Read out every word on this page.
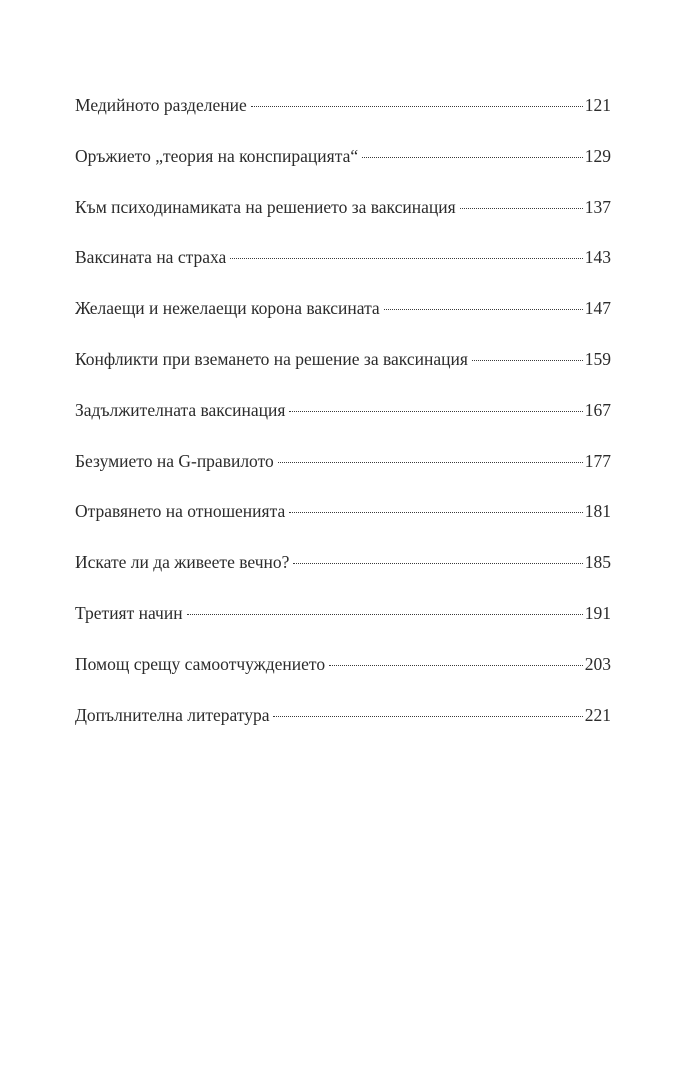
Медийното разделение	121
Оръжието „теория на конспирацията“	129
Към психодинамиката на решението за ваксинация	137
Ваксината на страха	143
Желаещи и нежелаещи корона ваксината	147
Конфликти при вземането на решение за ваксинация	159
Задължителната ваксинация	167
Безумието на G-правилото	177
Отравянето на отношенията	181
Искате ли да живеете вечно?	185
Третият начин	191
Помощ срещу самоотчуждението	203
Допълнителна литература	221
